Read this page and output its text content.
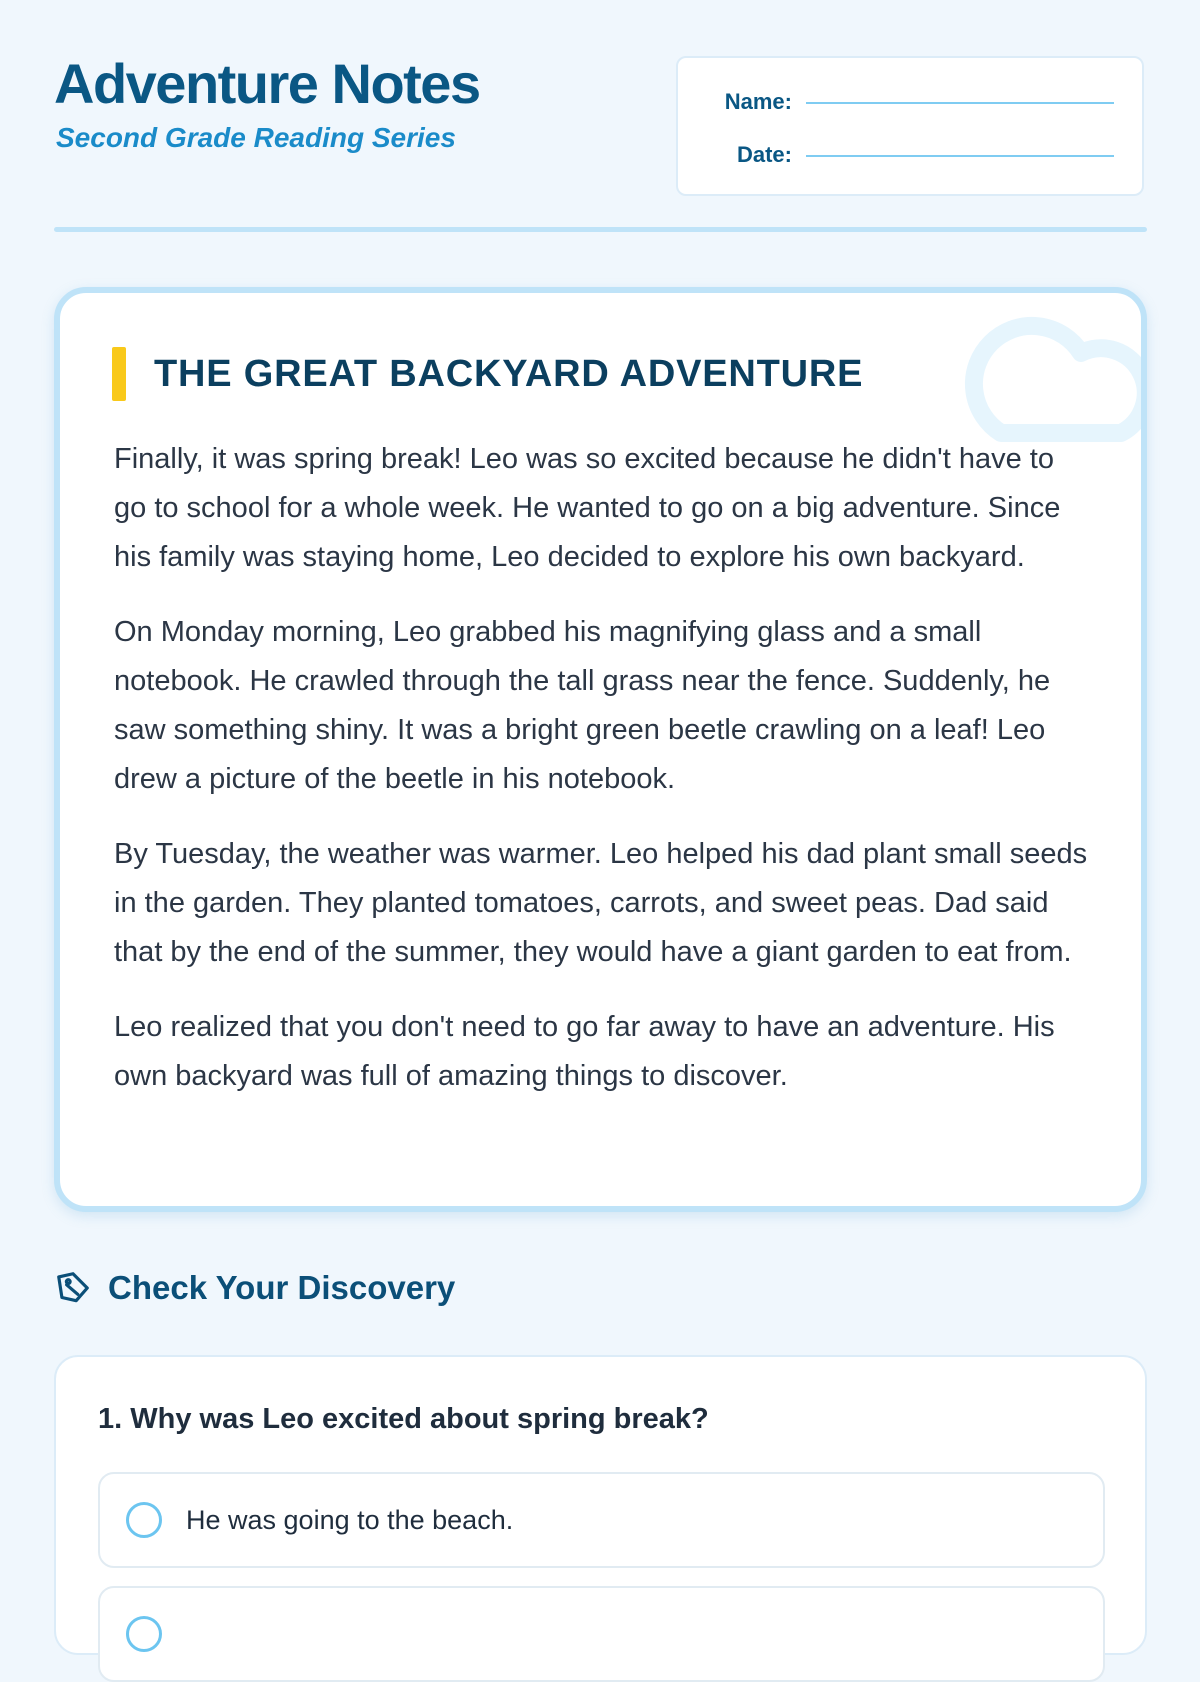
Adventure Notes
Second Grade Reading Series
Name:
Date:
THE GREAT BACKYARD ADVENTURE

Finally, it was spring break! Leo was so excited because he didn't have to go to school for a whole week. He wanted to go on a big adventure. Since his family was staying home, Leo decided to explore his own backyard.

On Monday morning, Leo grabbed his magnifying glass and a small notebook. He crawled through the tall grass near the fence. Suddenly, he saw something shiny. It was a bright green beetle crawling on a leaf! Leo drew a picture of the beetle in his notebook.

By Tuesday, the weather was warmer. Leo helped his dad plant small seeds in the garden. They planted tomatoes, carrots, and sweet peas. Dad said that by the end of the summer, they would have a giant garden to eat from.

Leo realized that you don't need to go far away to have an adventure. His own backyard was full of amazing things to discover.

Check Your Discovery

1. Why was Leo excited about spring break?

He was going to the beach.
